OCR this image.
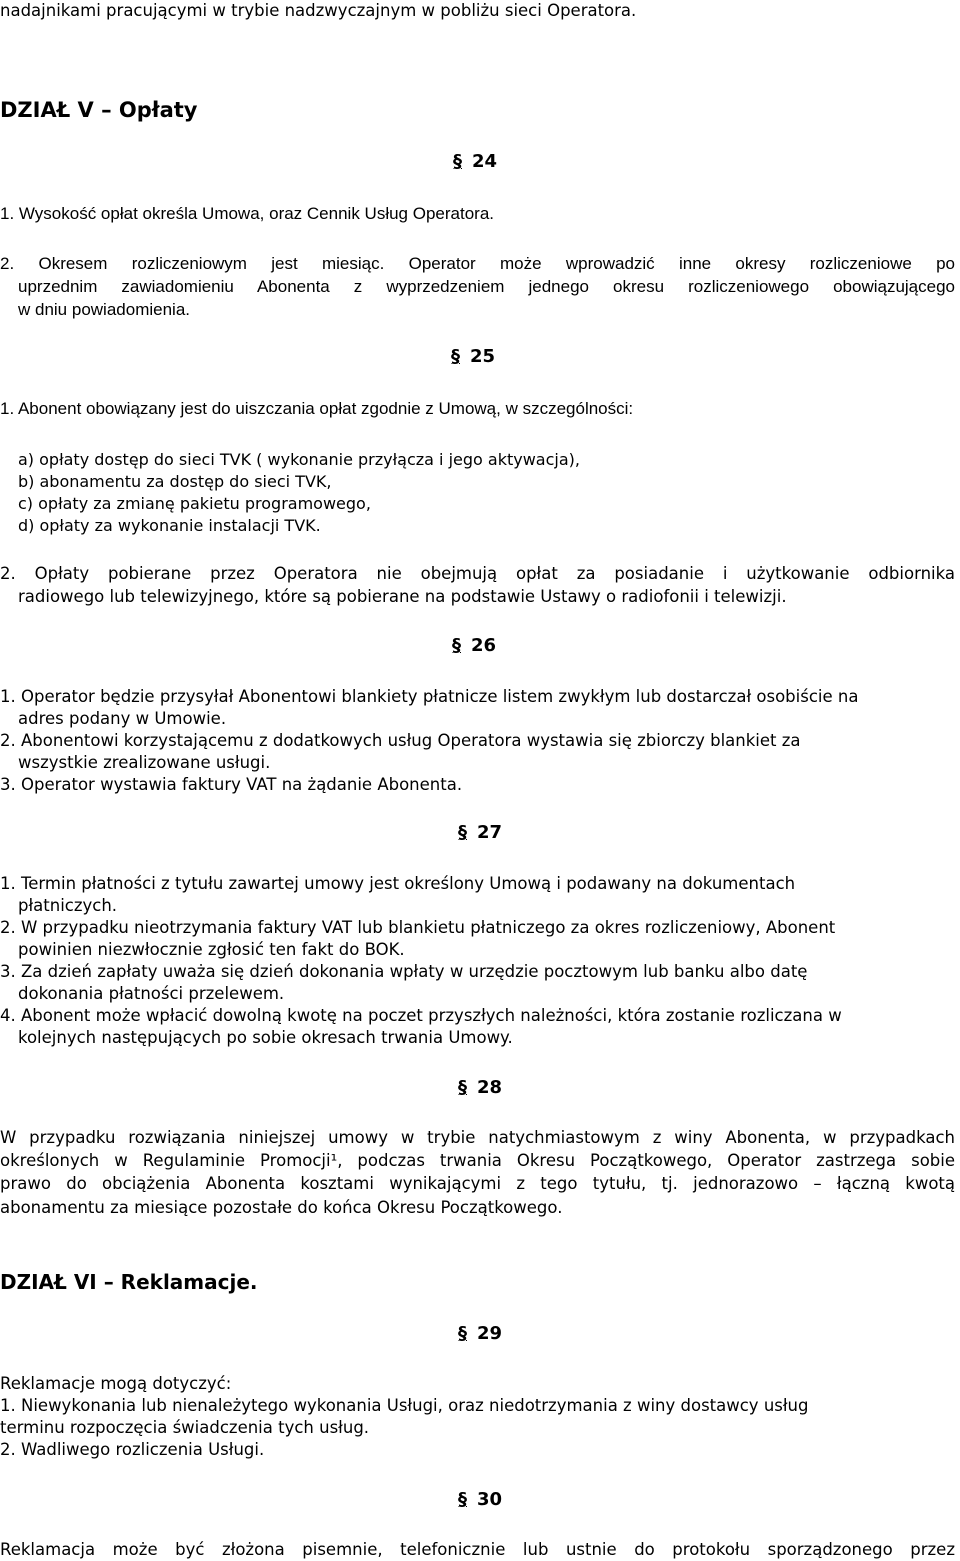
nadajnikami pracującymi w trybie nadzwyczajnym w pobliżu sieci Operatora.
DZIAŁ V – Opłaty
§ 24
1. Wysokość opłat określa Umowa, oraz Cennik Usług Operatora.
2. Okresem rozliczeniowym jest miesiąc. Operator może wprowadzić inne okresy rozliczeniowe po
uprzednim zawiadomieniu Abonenta z wyprzedzeniem jednego okresu rozliczeniowego obowiązującego
w dniu powiadomienia.
§ 25
1. Abonent obowiązany jest do uiszczania opłat zgodnie z Umową, w szczególności:
a) opłaty dostęp do sieci TVK ( wykonanie przyłącza i jego aktywacja),
b) abonamentu za dostęp do sieci TVK,
c) opłaty za zmianę pakietu programowego,
d) opłaty za wykonanie instalacji TVK.
2. Opłaty pobierane przez Operatora nie obejmują opłat za posiadanie i użytkowanie odbiornika
radiowego lub telewizyjnego, które są pobierane na podstawie Ustawy o radiofonii i telewizji.
§ 26
1. Operator będzie przysyłał Abonentowi blankiety płatnicze listem zwykłym lub dostarczał osobiście na
adres podany w Umowie.
2. Abonentowi korzystającemu z dodatkowych usług Operatora wystawia się zbiorczy blankiet za
wszystkie zrealizowane usługi.
3. Operator wystawia faktury VAT na żądanie Abonenta.
§ 27
1. Termin płatności z tytułu zawartej umowy jest określony Umową i podawany na dokumentach
płatniczych.
2. W przypadku nieotrzymania faktury VAT lub blankietu płatniczego za okres rozliczeniowy, Abonent
powinien niezwłocznie zgłosić ten fakt do BOK.
3. Za dzień zapłaty uważa się dzień dokonania wpłaty w urzędzie pocztowym lub banku albo datę
dokonania płatności przelewem.
4. Abonent może wpłacić dowolną kwotę na poczet przyszłych należności, która zostanie rozliczana w
kolejnych następujących po sobie okresach trwania Umowy.
§ 28
W przypadku rozwiązania niniejszej umowy w trybie natychmiastowym z winy Abonenta, w przypadkach
określonych w Regulaminie Promocji¹, podczas trwania Okresu Początkowego, Operator zastrzega sobie
prawo do obciążenia Abonenta kosztami wynikającymi z tego tytułu, tj. jednorazowo – łączną kwotą
abonamentu za miesiące pozostałe do końca Okresu Początkowego.
DZIAŁ VI – Reklamacje.
§ 29
Reklamacje mogą dotyczyć:
1. Niewykonania lub nienależytego wykonania Usługi, oraz niedotrzymania z winy dostawcy usług
terminu rozpoczęcia świadczenia tych usług.
2. Wadliwego rozliczenia Usługi.
§ 30
Reklamacja może być złożona pisemnie, telefonicznie lub ustnie do protokołu sporządzonego przez
